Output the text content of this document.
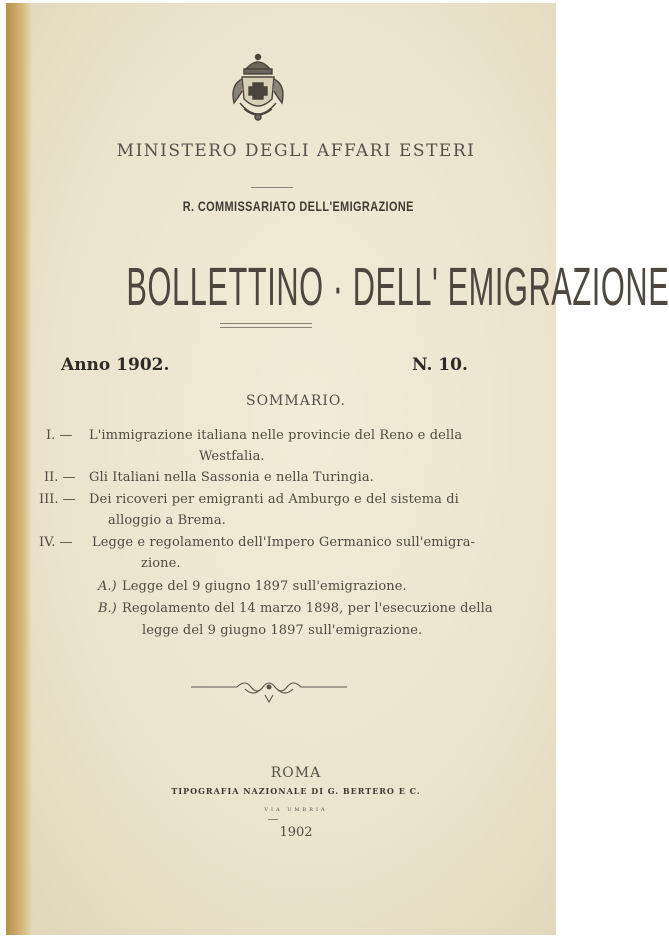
MINISTERO DEGLI AFFARI ESTERI
R. COMMISSARIATO DELL'EMIGRAZIONE
BOLLETTINO · DELL' EMIGRAZIONE
Anno 1902.	N. 10.
SOMMARIO.
I. — L'immigrazione italiana nelle provincie del Reno e della
Westfalia.
II. — Gli Italiani nella Sassonia e nella Turingia.
III. — Dei ricoveri per emigranti ad Amburgo e del sistema di
alloggio a Brema.
IV. — Legge e regolamento dell'Impero Germanico sull'emigra-
zione.
A.) Legge del 9 giugno 1897 sull'emigrazione.
B.) Regolamento del 14 marzo 1898, per l'esecuzione della
legge del 9 giugno 1897 sull'emigrazione.
ROMA
TIPOGRAFIA NAZIONALE DI G. BERTERO E C.
VIA UMBRIA
1902
